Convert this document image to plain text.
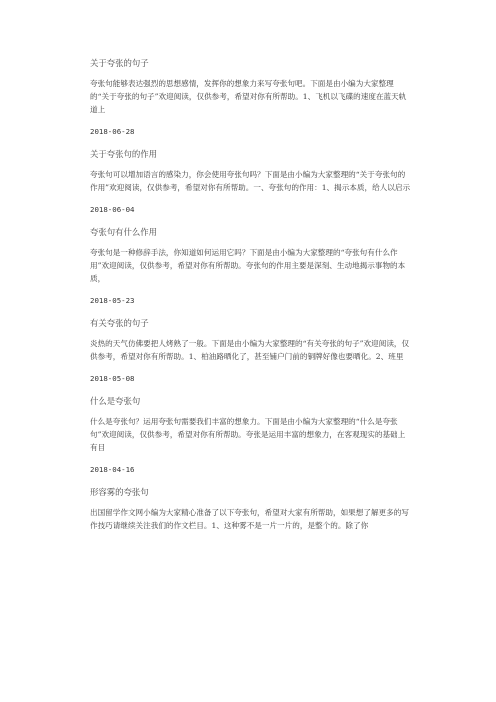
关于夸张的句子

夸张句能够表达强烈的思想感情，发挥你的想象力来写夸张句吧。下面是由小编为大家整理的“关于夸张的句子”欢迎阅读，仅供参考，希望对你有所帮助。1、飞机以飞碟的速度在蓝天轨道上

2018-06-28

关于夸张句的作用

夸张句可以增加语言的感染力，你会使用夸张句吗？下面是由小编为大家整理的“关于夸张句的作用”欢迎阅读，仅供参考，希望对你有所帮助。一、夸张句的作用：1、揭示本质，给人以启示

2018-06-04

夸张句有什么作用

夸张句是一种修辞手法，你知道如何运用它吗？下面是由小编为大家整理的“夸张句有什么作用”欢迎阅读，仅供参考，希望对你有所帮助。夸张句的作用主要是深刻、生动地揭示事物的本质，

2018-05-23

有关夸张的句子

炎热的天气仿佛要把人烤熟了一般。下面是由小编为大家整理的“有关夸张的句子”欢迎阅读，仅供参考，希望对你有所帮助。1、柏油路晒化了，甚至铺户门前的铜牌好像也要晒化。2、班里

2018-05-08

什么是夸张句

什么是夸张句？运用夸张句需要我们丰富的想象力。下面是由小编为大家整理的“什么是夸张句”欢迎阅读，仅供参考，希望对你有所帮助。夸张是运用丰富的想象力，在客观现实的基础上有目

2018-04-16

形容雾的夸张句

出国留学作文网小编为大家精心准备了以下夸张句，希望对大家有所帮助，如果想了解更多的写作技巧请继续关注我们的作文栏目。1、这种雾不是一片一片的，是整个的。除了你
